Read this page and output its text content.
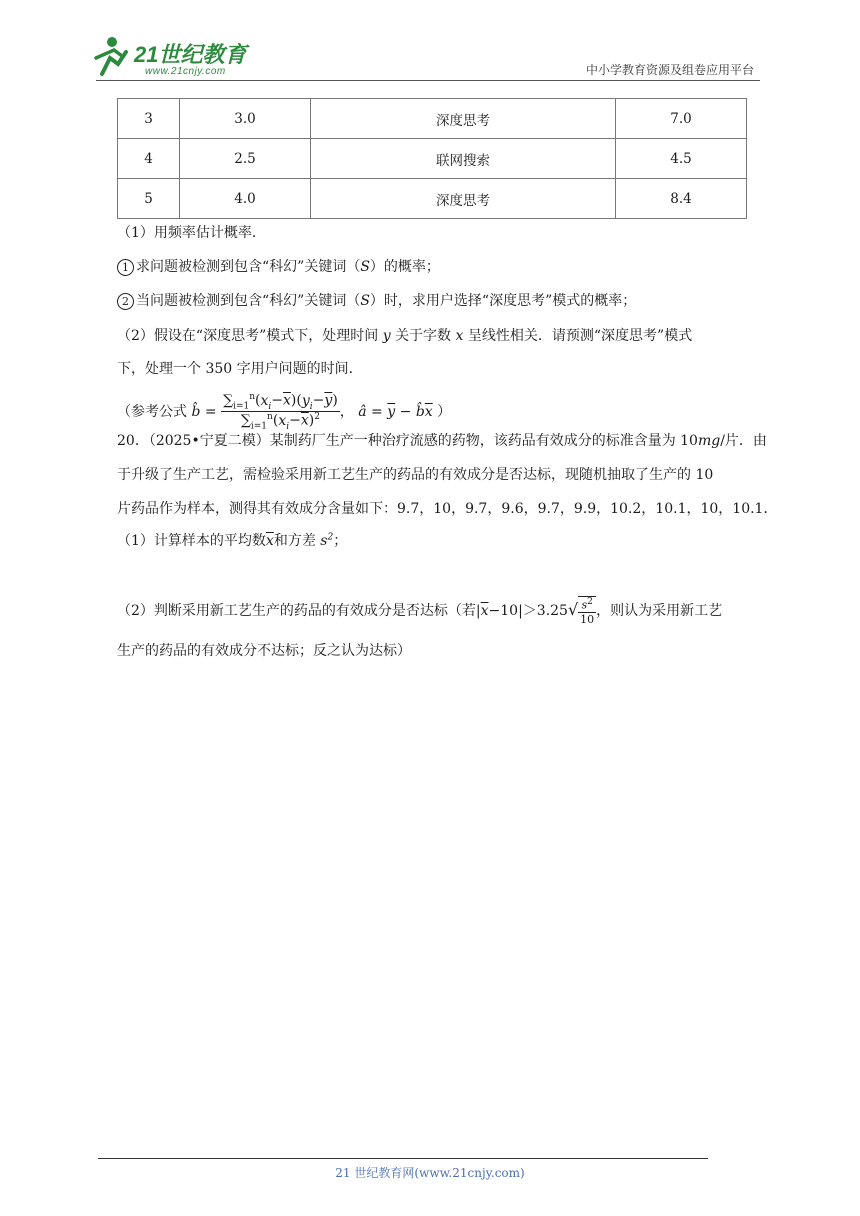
21世纪教育
www.21cnjy.com	中小学教育资源及组卷应用平台
3	3.0	深度思考	7.0
4	2.5	联网搜索	4.5
5	4.0	深度思考	8.4
（1）用频率估计概率．
1 求问题被检测到包含“科幻”关键词（S）的概率；
2 当问题被检测到包含“科幻”关键词（S）时，求用户选择“深度思考”模式的概率；
（2）假设在“深度思考”模式下，处理时间 y 关于字数 x 呈线性相关．请预测“深度思考”模式
下，处理一个 350 字用户问题的时间．
（参考公式 b̂ = $\frac{\sum_{i=1}^n(x_i-\overline{x})(y_i-\overline{y})}{\sum_{i=1}^n(x_i-\overline{x})^2}$ ， â = $\overline{y}$ − $b̂\overline{x}$ ）
20．（2025•宁夏二模）某制药厂生产一种治疗流感的药物，该药品有效成分的标准含量为 10mg/片．由
于升级了生产工艺，需检验采用新工艺生产的药品的有效成分是否达标，现随机抽取了生产的 10
片药品作为样本，测得其有效成分含量如下：9.7，10，9.7，9.6，9.7，9.9，10.2，10.1，10，10.1．
（1）计算样本的平均数$\overline{x}$和方差 $s^2$；
（2）判断采用新工艺生产的药品的有效成分是否达标（若$|\overline{x}-10|>3.25√ \frac{s^2}{10}$ ，则认为采用新工艺
生产的药品的有效成分不达标；反之认为达标）
21 世纪教育网(www.21cnjy.com)
